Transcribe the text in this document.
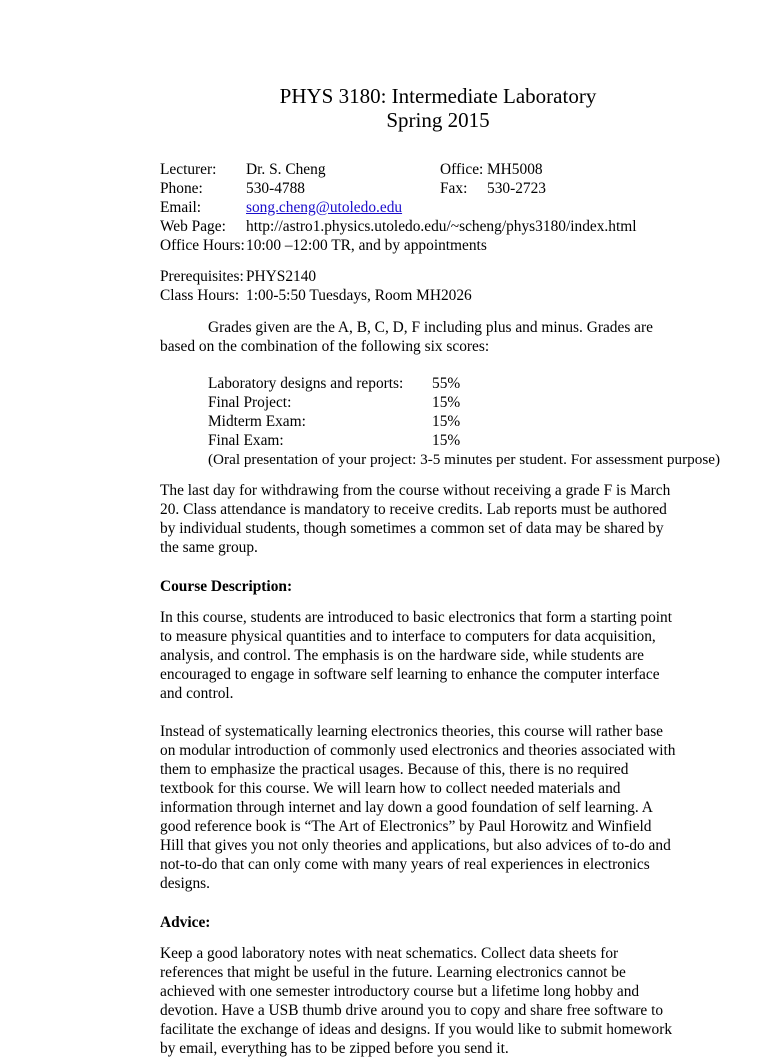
PHYS 3180: Intermediate Laboratory
Spring 2015
Lecturer:	Dr. S. Cheng	Office: MH5008
Phone:	530-4788	Fax:	530-2723
Email:	song.cheng@utoledo.edu
Web Page:	http://astro1.physics.utoledo.edu/~scheng/phys3180/index.html
Office Hours: 10:00 –12:00 TR, and by appointments
Prerequisites: PHYS2140
Class Hours: 1:00-5:50 Tuesdays, Room MH2026

Grades given are the A, B, C, D, F including plus and minus. Grades are based on the combination of the following six scores:

Laboratory designs and reports:	55%
Final Project:	15%
Midterm Exam:	15%
Final Exam:	15%
(Oral presentation of your project: 3-5 minutes per student. For assessment purpose)

The last day for withdrawing from the course without receiving a grade F is March 20. Class attendance is mandatory to receive credits. Lab reports must be authored by individual students, though sometimes a common set of data may be shared by the same group.

Course Description:

In this course, students are introduced to basic electronics that form a starting point to measure physical quantities and to interface to computers for data acquisition, analysis, and control. The emphasis is on the hardware side, while students are encouraged to engage in software self learning to enhance the computer interface and control.

Instead of systematically learning electronics theories, this course will rather base on modular introduction of commonly used electronics and theories associated with them to emphasize the practical usages. Because of this, there is no required textbook for this course. We will learn how to collect needed materials and information through internet and lay down a good foundation of self learning. A good reference book is “The Art of Electronics” by Paul Horowitz and Winfield Hill that gives you not only theories and applications, but also advices of to-do and not-to-do that can only come with many years of real experiences in electronics designs.

Advice:

Keep a good laboratory notes with neat schematics. Collect data sheets for references that might be useful in the future. Learning electronics cannot be achieved with one semester introductory course but a lifetime long hobby and devotion. Have a USB thumb drive around you to copy and share free software to facilitate the exchange of ideas and designs. If you would like to submit homework by email, everything has to be zipped before you send it.
